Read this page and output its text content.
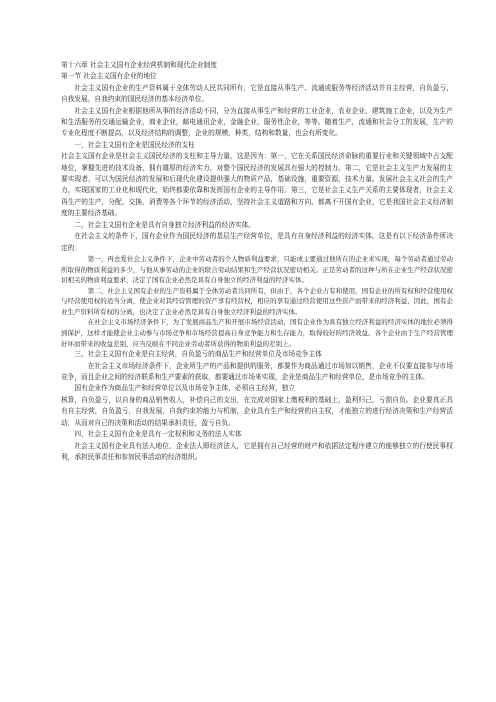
第十六章 社会主义国有企业经营机制和现代企业制度

第一节 社会主义国有企业的地位

社会主义国有企业的生产资料属于全体劳动人民共同所有，它是直接从事生产、流通或服务等经济活动并自主经营，自负盈亏，自我发展，自我约束的国民经济的基本经济单位。

社会主义国有企业根据他所从事的经济活动不同，分为直接从事生产和经营的工业企业，农业企业，建筑施工企业，以及为生产和生活服务的交通运输企业，商业企业，邮电通讯企业，金融企业，服务性企业，等等。随着生产，流通和社会分工的发展，生产的专业化程度不断提高，以及经济结构的调整，企业的规模，种类，结构和数量，也会有所变化。

一，社会主义国有企业是国民经济的支柱

社会主义国有企业是社会主义国民经济的支柱和主导力量，这是因为：第一，它在关系国民经济命脉的重要行业和关键领域中占支配地位，掌握先进的技术设备，拥有雄厚的经济实力，对整个国民经济的发展具有强大的控制力。第二，它是社会主义生产力发展的主要实现者，可以为国民经济的发展和后现代化建设提供强大的物质产品，基础设施，重要资源，技术力量。发展社会主义社会的生产力，实现国家的工业化和现代化，始终都要依靠和发挥国有企业的主导作用。第三，它是社会主义生产关系的主要体现者，社会主义再生产的生产，分配，交换，消费等各个环节的经济活动，坚持社会主义道路和方向，都离不开国有企业，它是我国社会主义经济制度的主要经济基础。

二，社会主义国有企业是具有自身独立经济利益的经济实体。

在社会主义的条件下，国有企业作为国民经济的基层生产经营单位，是具有自身经济利益的经济实体，这是有以下经济条件所决定的：

第一，再去爱社会主义条件下，企业中劳动者的个人物质利益要求，只能或主要通过他所在的企业来实现，每个劳动者通过劳动所取得的物质利益的多少，与他从事劳动的企业的联合劳动结果和生产经营状况密切相关。正是劳动者的这种与所在企业生产经营状况密切相关的物质利益要求，决定了国有企业必然是具有自身独立的经济利益的经济实体。

第二，社会主义国有企业的生产资料属于全体劳动者共同所有，但由于，各个企业占有和使用，国有企业的所有权和经营使用权与经营使用权的适当分离，使企业对其经营管理的资产享有经营权，相应的享有通过经营使用这些资产而带来的经济利益，因此，国有企业生产资料所有权的分离，也决定了企业必然是具有自身独立经济利益的经济实体。

在社会主义市场经济条件下，为了发展商品生产和开展市场经营活动，国有企业作为具有独立经济利益的经济实体的地位必须得到保护，这样才能使企业主动参与市场竞争和市场经营提高自身竞争能力和生存能力，取得较好的经济效益。各个企业由于生产经营管理好坏而带来的收益差别，应当反映在不同企业劳动者所获得的物质利益的差别上。

三，社会主义国有企业是自主经营，自负盈亏的商品生产和经营单位及市场竞争主体

在社会主义市场经济条件下，企业所生产的产品和提供的服务，都要作为商品通过市场加以销售，企业不仅要直接参与市场竞争，而且企业之间的经济联系和生产要素的获取，都要通过市场来实现，企业是商品生产和经营单位，是市场竞争的主体。

国有企业作为商品生产和经营单位以及市场竞争主体，必须自主经营，独立

核算，自负盈亏，以自身的商品销售收入，补偿自己的支出，在完成对国家上缴税利的基础上，盈利归己，亏损自负。企业要真正具有自主经营，自负盈亏，自我发展，自我约束的能力与机制，企业具有生产和经营的自主权，才能独立的进行经济决策和生产经营活动，从而对自己的决策和活动的结果承担责任，盈亏自负。

四，社会主义国有企业是具有一定权利和义务的法人实体

社会主义国有企业具有法人地位，企业法人即经济法人，它是拥有自己经营的财产和依据法定程序建立的能够独立的行使民事权利，承担民事责任和参加民事活动的经济组织。
